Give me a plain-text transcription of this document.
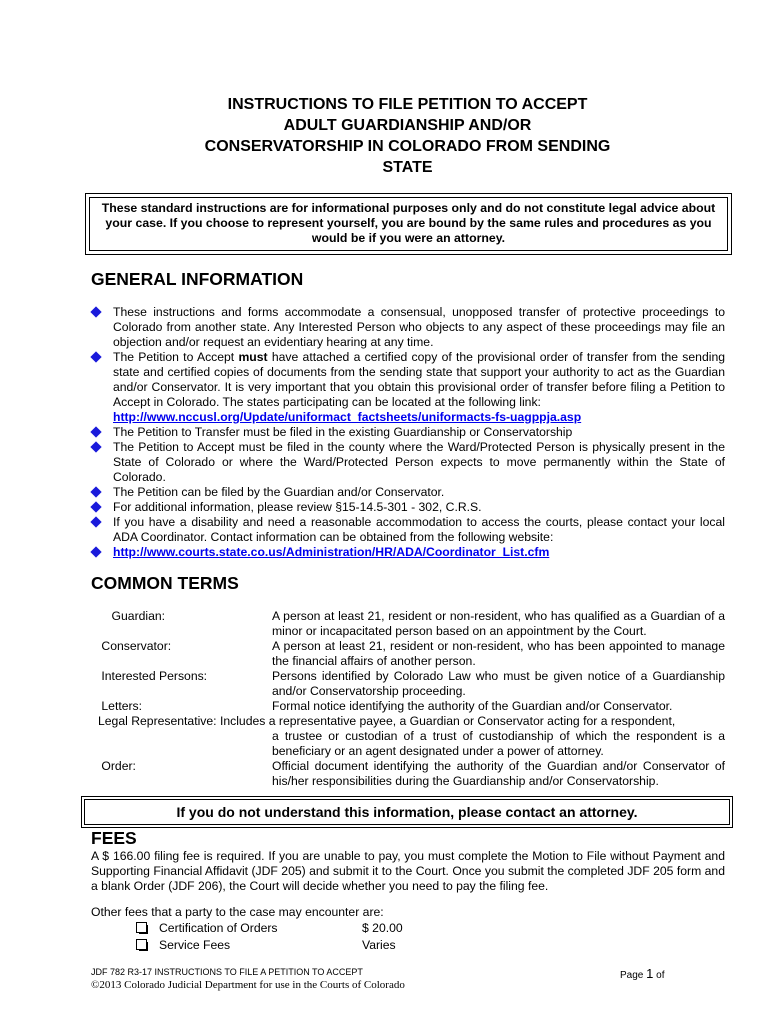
INSTRUCTIONS TO FILE PETITION TO ACCEPT
ADULT GUARDIANSHIP AND/OR
CONSERVATORSHIP IN COLORADO FROM SENDING
STATE

These standard instructions are for informational purposes only and do not constitute legal advice about your case. If you choose to represent yourself, you are bound by the same rules and procedures as you would be if you were an attorney.

GENERAL INFORMATION
These instructions and forms accommodate a consensual, unopposed transfer of protective proceedings to Colorado from another state. Any Interested Person who objects to any aspect of these proceedings may file an objection and/or request an evidentiary hearing at any time.
The Petition to Accept must have attached a certified copy of the provisional order of transfer from the sending state and certified copies of documents from the sending state that support your authority to act as the Guardian and/or Conservator. It is very important that you obtain this provisional order of transfer before filing a Petition to Accept in Colorado. The states participating can be located at the following link:
http://www.nccusl.org/Update/uniformact_factsheets/uniformacts-fs-uagppja.asp
The Petition to Transfer must be filed in the existing Guardianship or Conservatorship
The Petition to Accept must be filed in the county where the Ward/Protected Person is physically present in the State of Colorado or where the Ward/Protected Person expects to move permanently within the State of Colorado.
The Petition can be filed by the Guardian and/or Conservator.
For additional information, please review §15-14.5-301 - 302, C.R.S.
If you have a disability and need a reasonable accommodation to access the courts, please contact your local ADA Coordinator. Contact information can be obtained from the following website:
http://www.courts.state.co.us/Administration/HR/ADA/Coordinator_List.cfm
COMMON TERMS
Guardian:	A person at least 21, resident or non-resident, who has qualified as a Guardian of a minor or incapacitated person based on an appointment by the Court.
Conservator:	A person at least 21, resident or non-resident, who has been appointed to manage the financial affairs of another person.
Interested Persons:	Persons identified by Colorado Law who must be given notice of a Guardianship and/or Conservatorship proceeding.
Letters:	Formal notice identifying the authority of the Guardian and/or Conservator.
Legal Representative: Includes a representative payee, a Guardian or Conservator acting for a respondent,
a trustee or custodian of a trust of custodianship of which the respondent is a beneficiary or an agent designated under a power of attorney.
Order:	Official document identifying the authority of the Guardian and/or Conservator of his/her responsibilities during the Guardianship and/or Conservatorship.

If you do not understand this information, please contact an attorney.

FEES
A $ 166.00 filing fee is required. If you are unable to pay, you must complete the Motion to File without Payment and Supporting Financial Affidavit (JDF 205) and submit it to the Court. Once you submit the completed JDF 205 form and a blank Order (JDF 206), the Court will decide whether you need to pay the filing fee.
Other fees that a party to the case may encounter are:
Certification of Orders	$ 20.00
Service Fees	Varies
JDF 782 R3-17 INSTRUCTIONS TO FILE A PETITION TO ACCEPT	Page 1 of
©2013 Colorado Judicial Department for use in the Courts of Colorado
